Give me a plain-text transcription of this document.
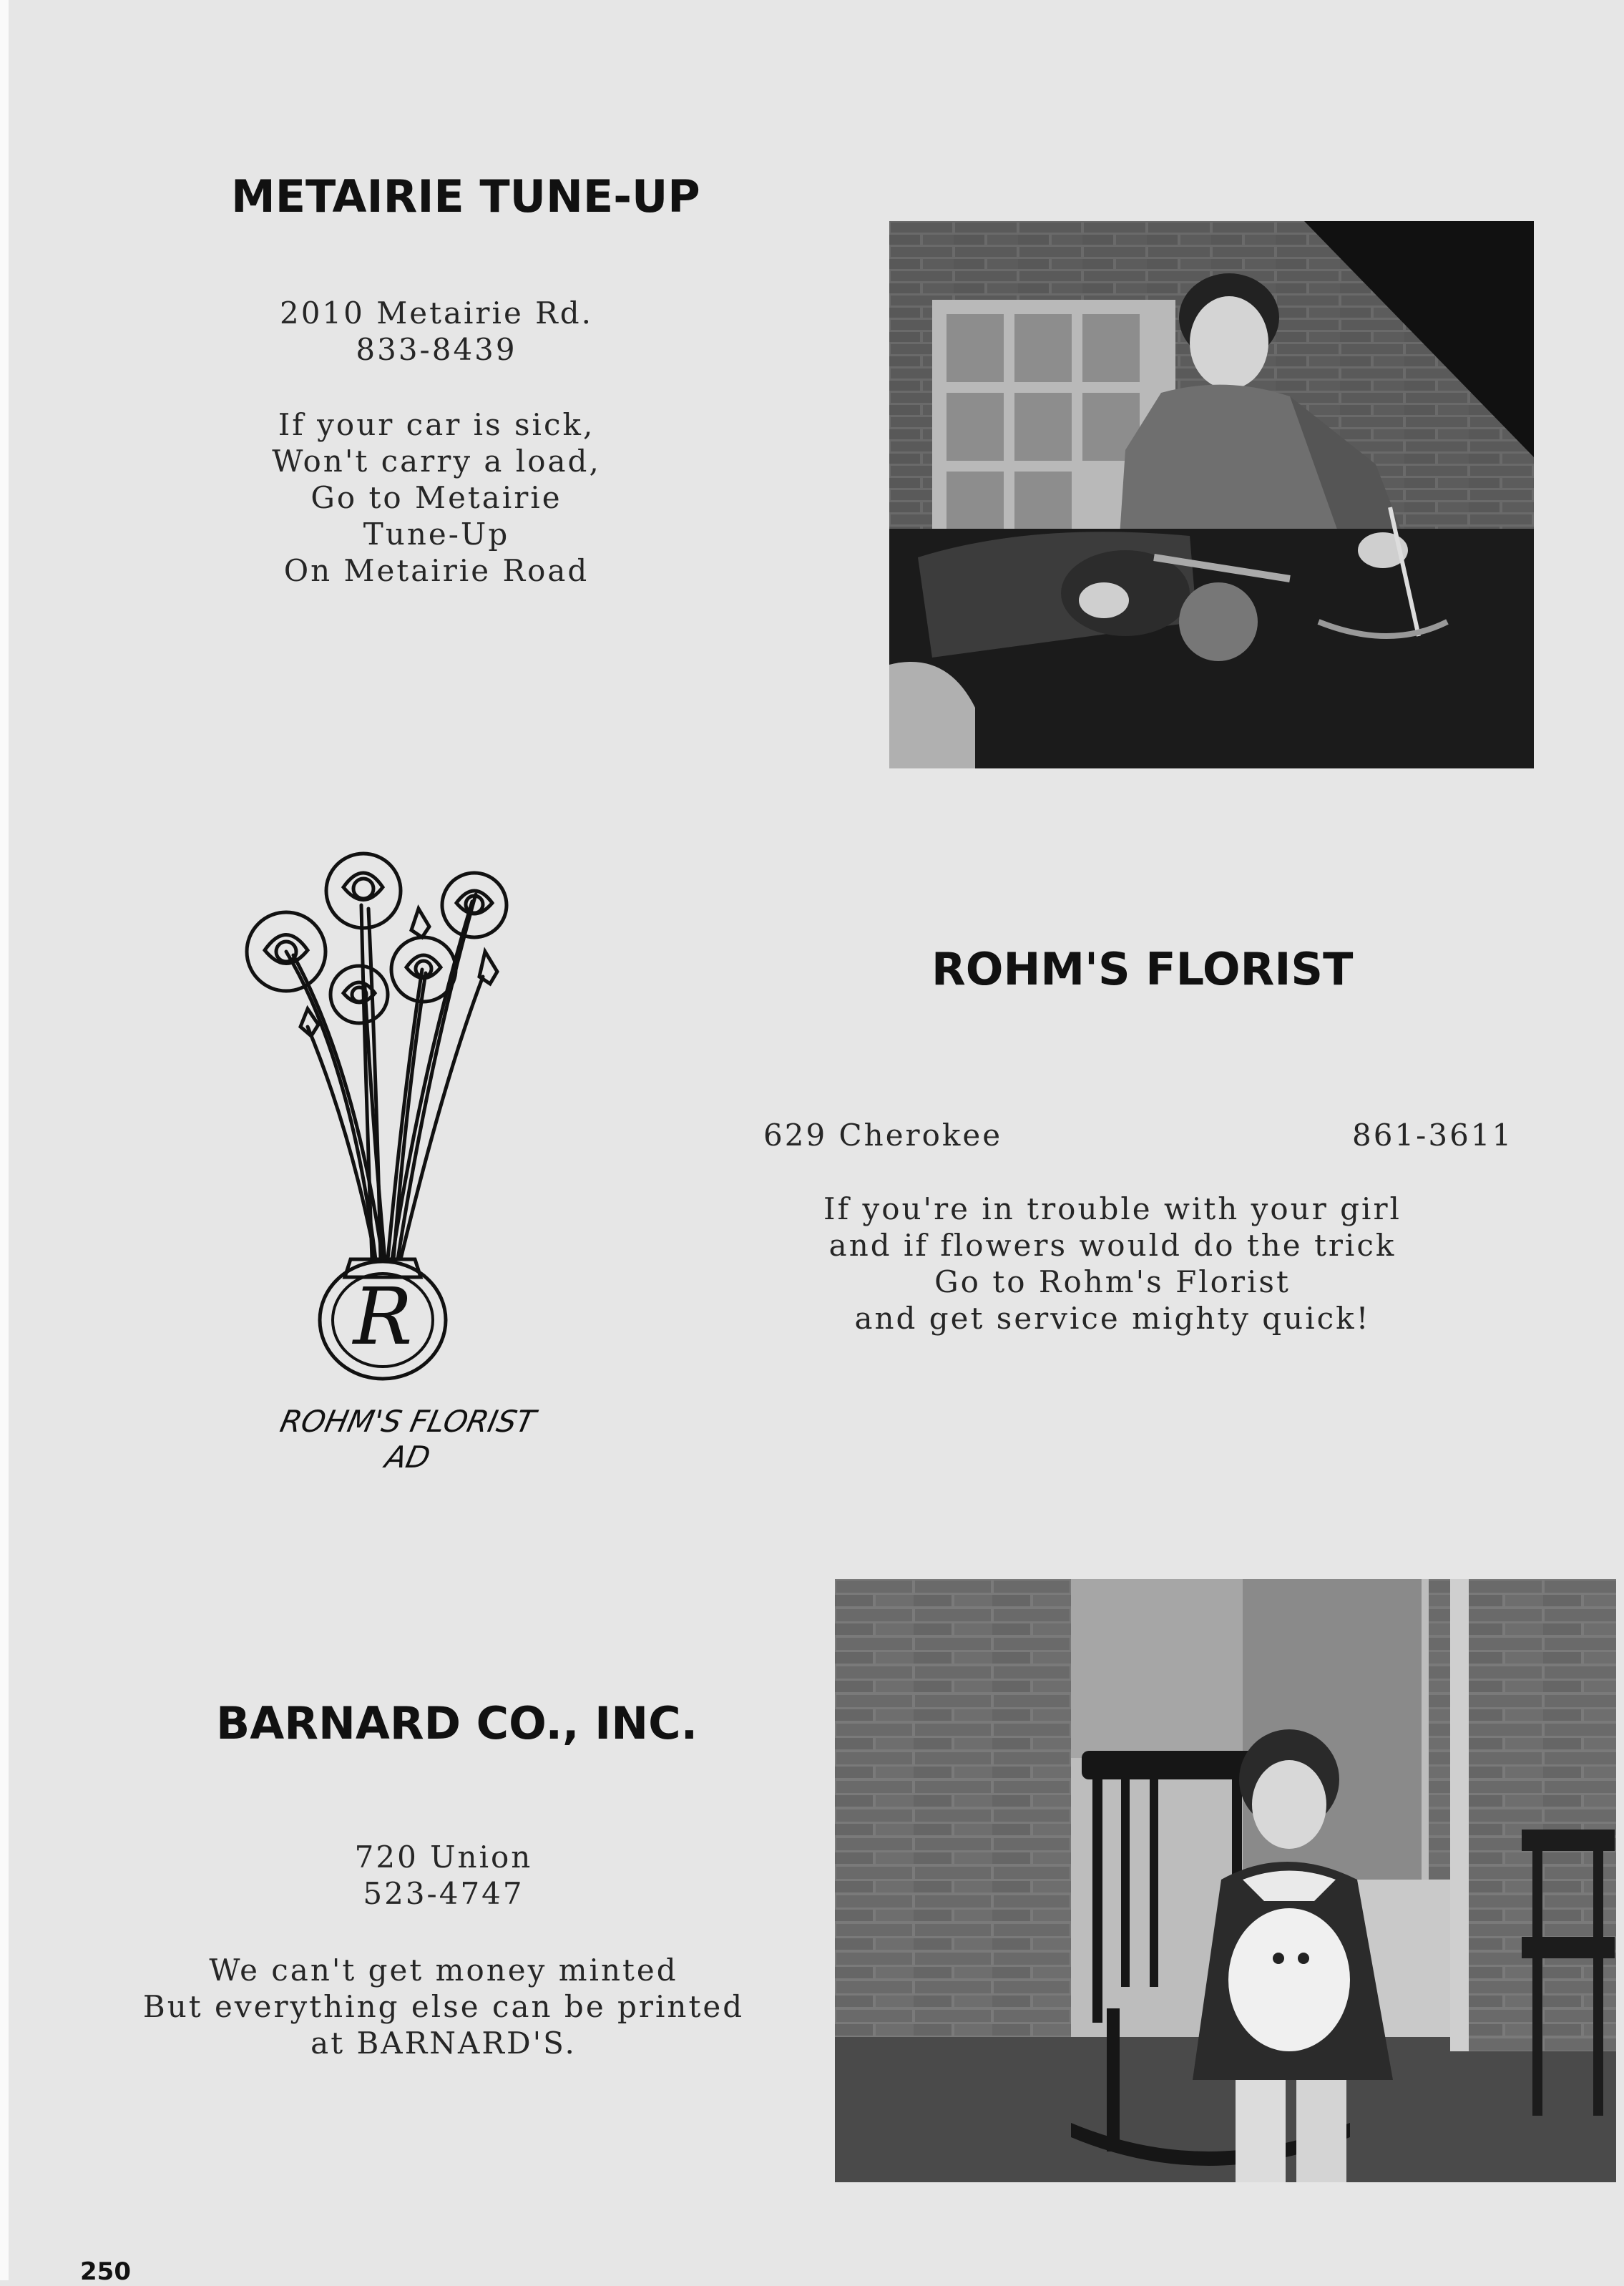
METAIRIE TUNE-UP
2010 Metairie Rd.
833-8439
If your car is sick,
Won't carry a load,
Go to Metairie
Tune-Up
On Metairie Road
R
ROHM'S FLORIST
AD
ROHM'S FLORIST
629 Cherokee	861-3611
If you're in trouble with your girl
and if flowers would do the trick
Go to Rohm's Florist
and get service mighty quick!
BARNARD CO., INC.
720 Union
523-4747
We can't get money minted
But everything else can be printed
at BARNARD'S.
250
